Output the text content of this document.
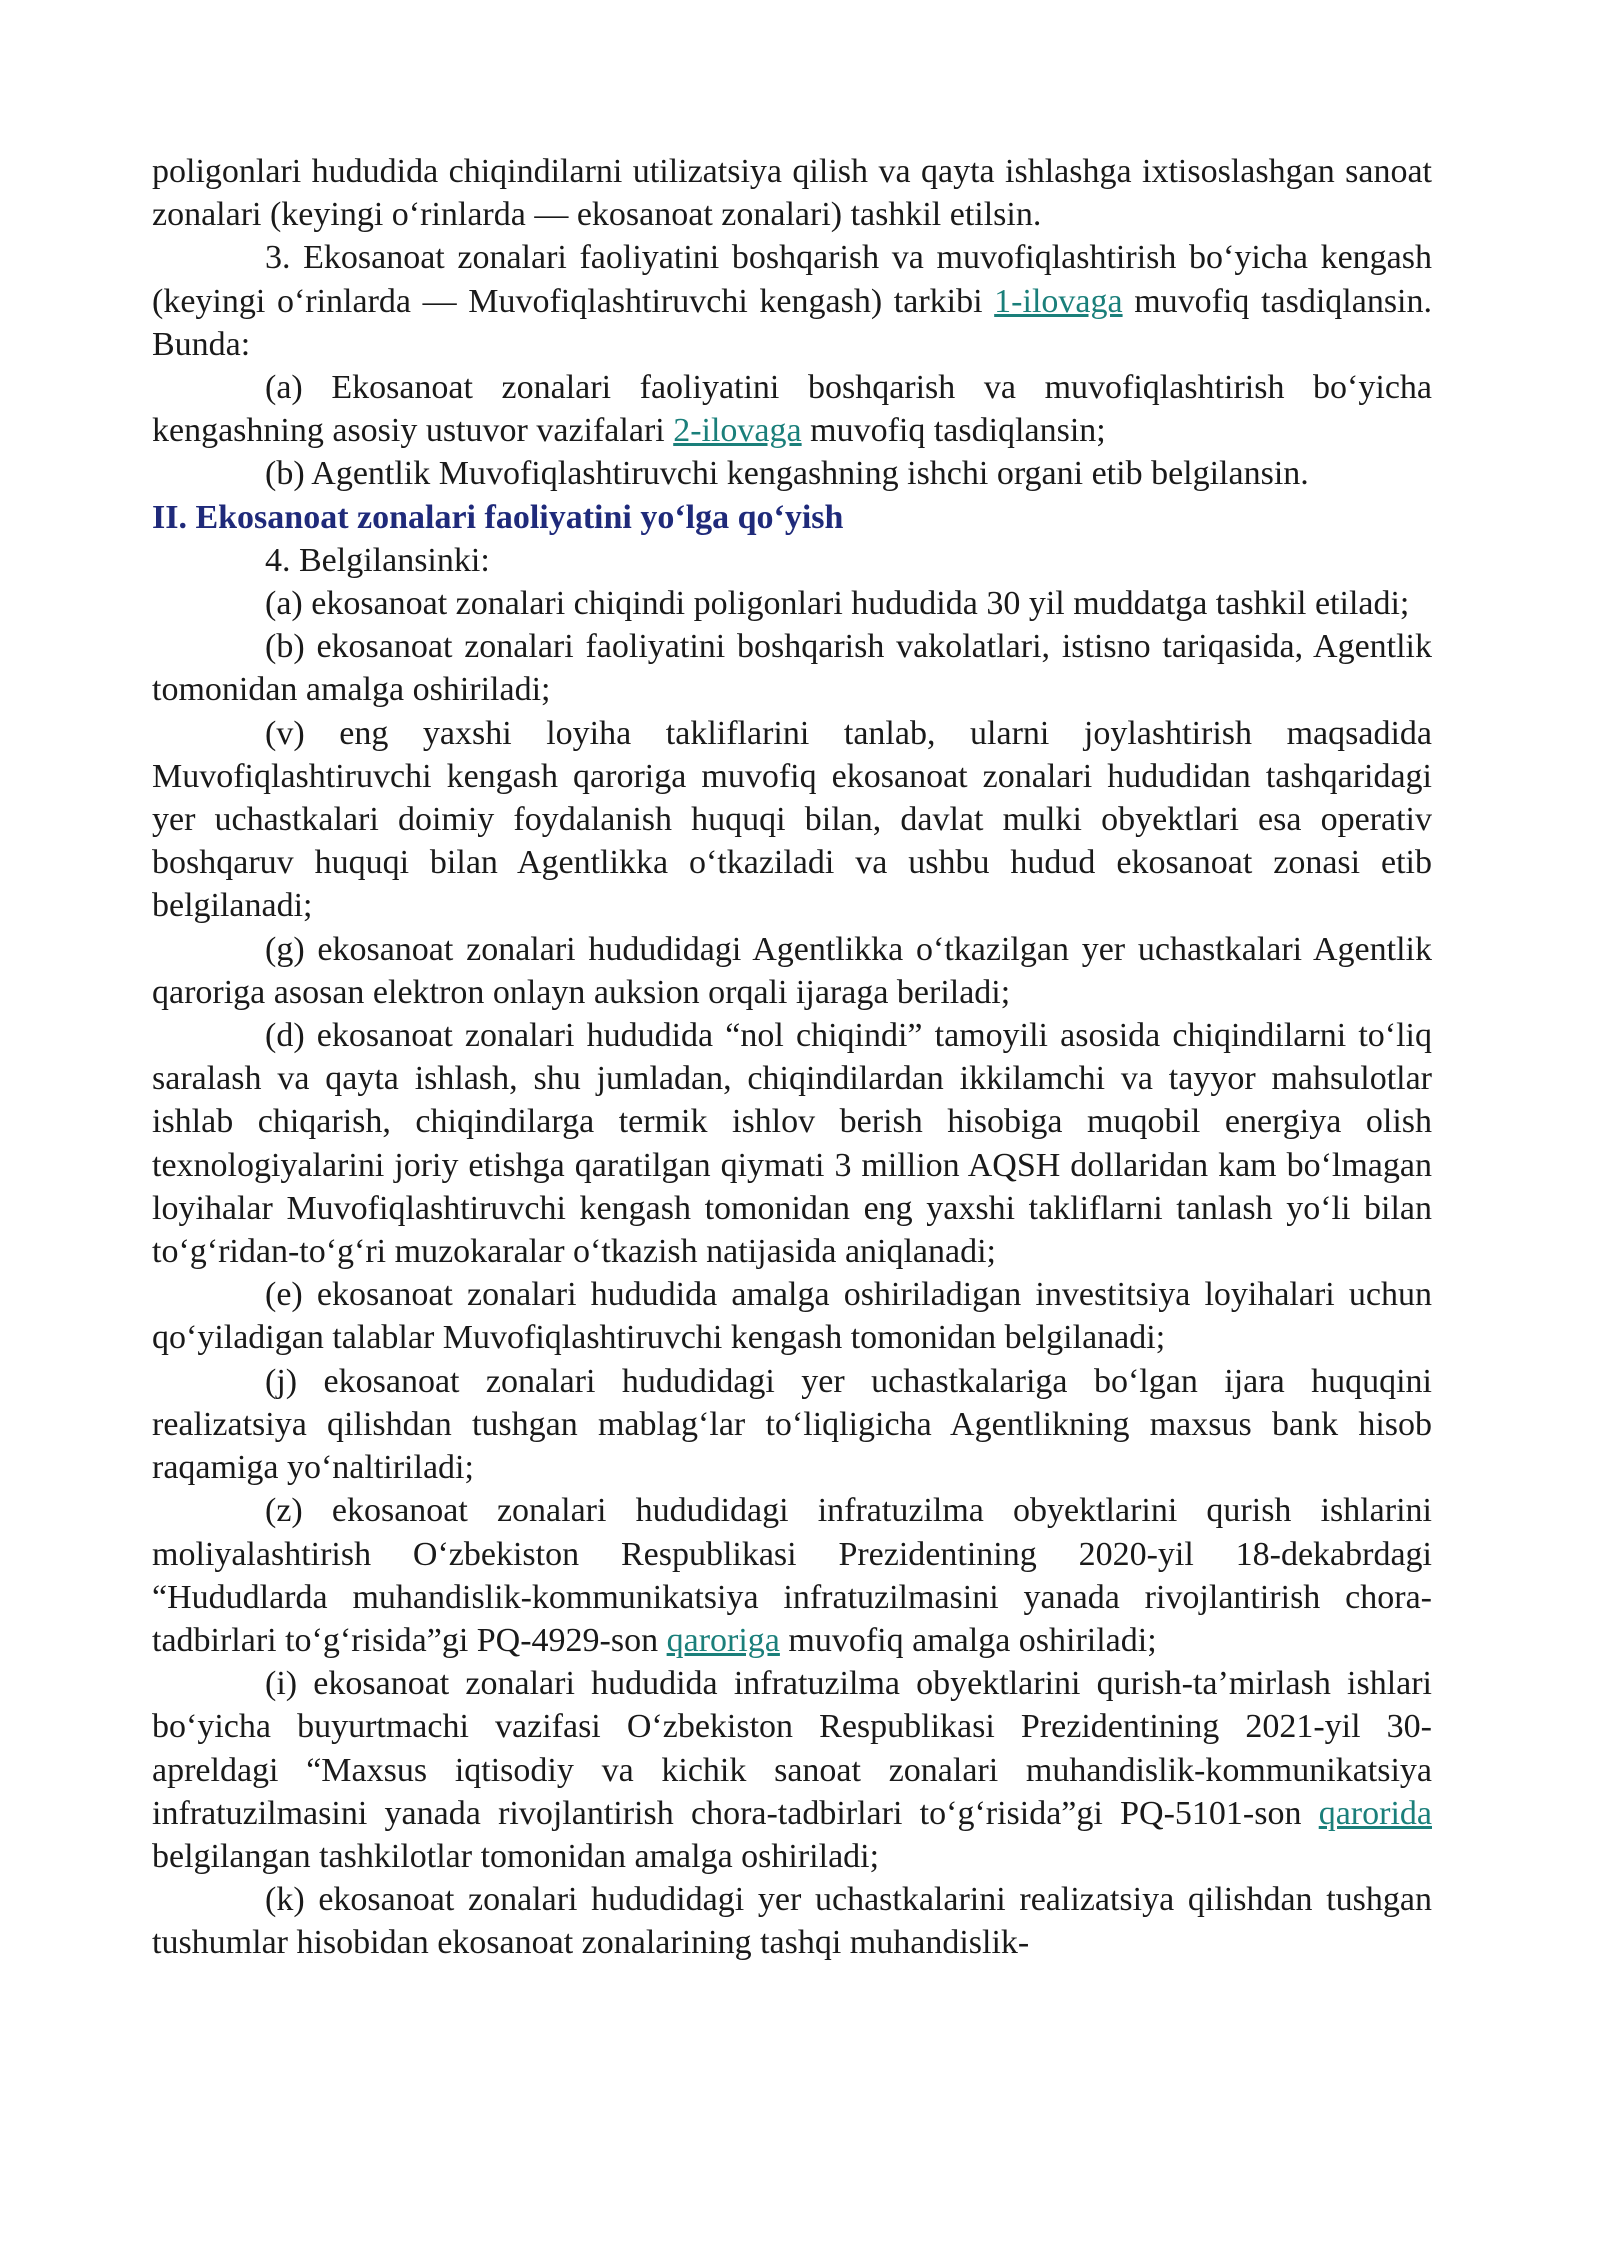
poligonlari hududida chiqindilarni utilizatsiya qilish va qayta ishlashga ixtisoslashgan sanoat zonalari (keyingi o‘rinlarda — ekosanoat zonalari) tashkil etilsin.

3. Ekosanoat zonalari faoliyatini boshqarish va muvofiqlashtirish bo‘yicha kengash (keyingi o‘rinlarda — Muvofiqlashtiruvchi kengash) tarkibi 1-ilovaga muvofiq tasdiqlansin. Bunda:

(a) Ekosanoat zonalari faoliyatini boshqarish va muvofiqlashtirish bo‘yicha kengashning asosiy ustuvor vazifalari 2-ilovaga muvofiq tasdiqlansin;

(b) Agentlik Muvofiqlashtiruvchi kengashning ishchi organi etib belgilansin.

II. Ekosanoat zonalari faoliyatini yo‘lga qo‘yish

4. Belgilansinki:

(a) ekosanoat zonalari chiqindi poligonlari hududida 30 yil muddatga tashkil etiladi;

(b) ekosanoat zonalari faoliyatini boshqarish vakolatlari, istisno tariqasida, Agentlik tomonidan amalga oshiriladi;

(v) eng yaxshi loyiha takliflarini tanlab, ularni joylashtirish maqsadida Muvofiqlashtiruvchi kengash qaroriga muvofiq ekosanoat zonalari hududidan tashqaridagi yer uchastkalari doimiy foydalanish huquqi bilan, davlat mulki obyektlari esa operativ boshqaruv huquqi bilan Agentlikka o‘tkaziladi va ushbu hudud ekosanoat zonasi etib belgilanadi;

(g) ekosanoat zonalari hududidagi Agentlikka o‘tkazilgan yer uchastkalari Agentlik qaroriga asosan elektron onlayn auksion orqali ijaraga beriladi;

(d) ekosanoat zonalari hududida “nol chiqindi” tamoyili asosida chiqindilarni to‘liq saralash va qayta ishlash, shu jumladan, chiqindilardan ikkilamchi va tayyor mahsulotlar ishlab chiqarish, chiqindilarga termik ishlov berish hisobiga muqobil energiya olish texnologiyalarini joriy etishga qaratilgan qiymati 3 million AQSH dollaridan kam bo‘lmagan loyihalar Muvofiqlashtiruvchi kengash tomonidan eng yaxshi takliflarni tanlash yo‘li bilan to‘g‘ridan-to‘g‘ri muzokaralar o‘tkazish natijasida aniqlanadi;

(e) ekosanoat zonalari hududida amalga oshiriladigan investitsiya loyihalari uchun qo‘yiladigan talablar Muvofiqlashtiruvchi kengash tomonidan belgilanadi;

(j) ekosanoat zonalari hududidagi yer uchastkalariga bo‘lgan ijara huquqini realizatsiya qilishdan tushgan mablag‘lar to‘liqligicha Agentlikning maxsus bank hisob raqamiga yo‘naltiriladi;

(z) ekosanoat zonalari hududidagi infratuzilma obyektlarini qurish ishlarini moliyalashtirish O‘zbekiston Respublikasi Prezidentining 2020-yil 18-dekabrdagi “Hududlarda muhandislik-kommunikatsiya infratuzilmasini yanada rivojlantirish chora-tadbirlari to‘g‘risida”gi PQ-4929-son qaroriga muvofiq amalga oshiriladi;

(i) ekosanoat zonalari hududida infratuzilma obyektlarini qurish-ta’mirlash ishlari bo‘yicha buyurtmachi vazifasi O‘zbekiston Respublikasi Prezidentining 2021-yil 30-apreldagi “Maxsus iqtisodiy va kichik sanoat zonalari muhandislik-kommunikatsiya infratuzilmasini yanada rivojlantirish chora-tadbirlari to‘g‘risida”gi PQ-5101-son qarorida belgilangan tashkilotlar tomonidan amalga oshiriladi;

(k) ekosanoat zonalari hududidagi yer uchastkalarini realizatsiya qilishdan tushgan tushumlar hisobidan ekosanoat zonalarining tashqi muhandislik-
